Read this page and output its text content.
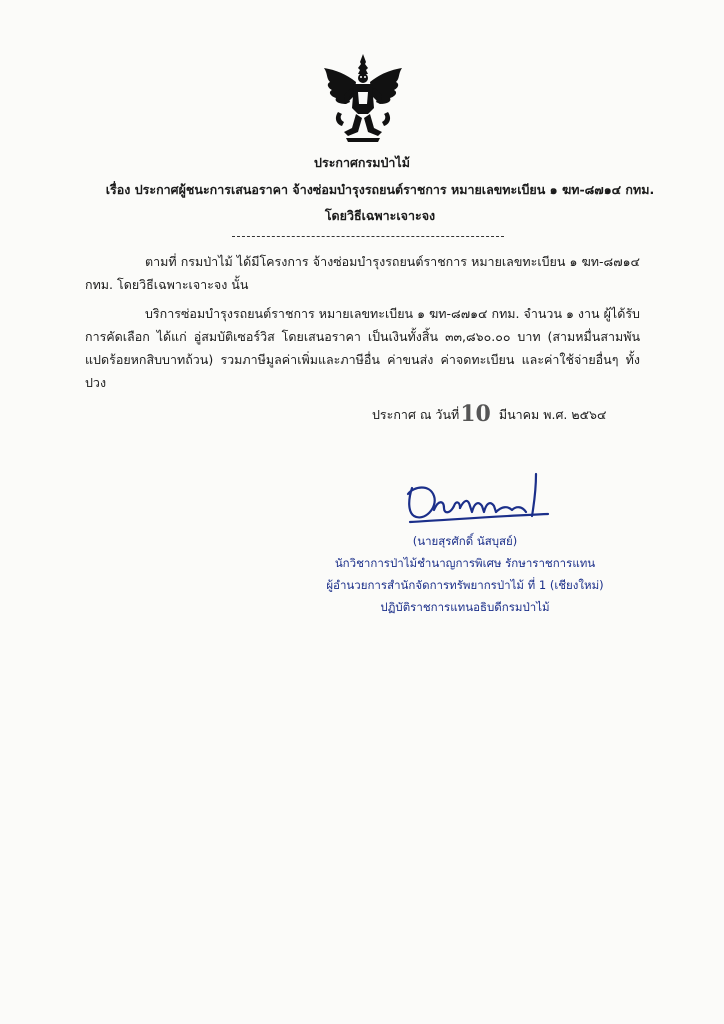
ประกาศกรมป่าไม้
เรื่อง ประกาศผู้ชนะการเสนอราคา จ้างซ่อมบำรุงรถยนต์ราชการ หมายเลขทะเบียน ๑ ฆท-๘๗๑๔ กทม.
โดยวิธีเฉพาะเจาะจง
ตามที่ กรมป่าไม้ ได้มีโครงการ จ้างซ่อมบำรุงรถยนต์ราชการ หมายเลขทะเบียน ๑ ฆท-๘๗๑๔ กทม. โดยวิธีเฉพาะเจาะจง นั้น
บริการซ่อมบำรุงรถยนต์ราชการ หมายเลขทะเบียน ๑ ฆท-๘๗๑๔ กทม. จำนวน ๑ งาน ผู้ได้รับการคัดเลือก ได้แก่ อู่สมบัติเซอร์วิส โดยเสนอราคา เป็นเงินทั้งสิ้น ๓๓,๘๖๐.๐๐ บาท (สามหมื่นสามพันแปดร้อยหกสิบบาทถ้วน) รวมภาษีมูลค่าเพิ่มและภาษีอื่น ค่าขนส่ง ค่าจดทะเบียน และค่าใช้จ่ายอื่นๆ ทั้งปวง
ประกาศ ณ วันที่10 มีนาคม พ.ศ. ๒๕๖๔
(นายสุรศักดิ์ นัสบุสย์)
นักวิชาการป่าไม้ชำนาญการพิเศษ รักษาราชการแทน
ผู้อำนวยการสำนักจัดการทรัพยากรป่าไม้ ที่ 1 (เชียงใหม่)
ปฏิบัติราชการแทนอธิบดีกรมป่าไม้
